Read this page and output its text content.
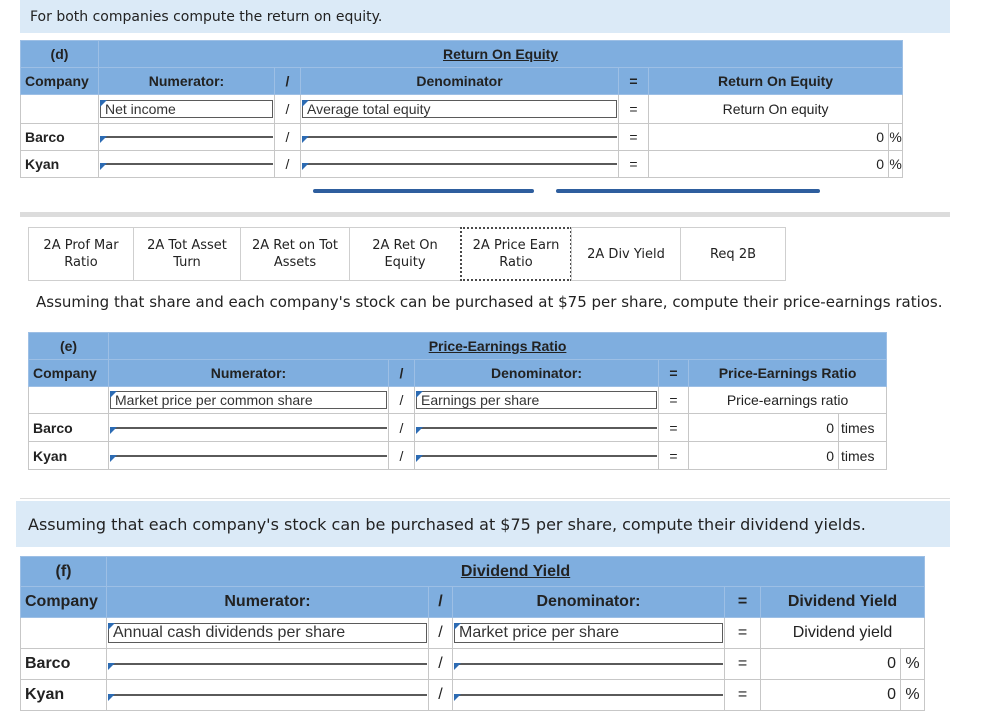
For both companies compute the return on equity.
(d)	Return On Equity					
Company	Numerator:	/	Denominator	=	Return On Equity	

	Net income	/	Average total equity	=	Return On equity	
Barco		/		=	0	%
Kyan		/		=	0	%
2A Prof Mar
Ratio
2A Tot Asset
Turn
2A Ret on Tot
Assets
2A Ret On
Equity
2A Price Earn
Ratio
2A Div Yield	Req 2B
Assuming that share and each company's stock can be purchased at $75 per share, compute their price-earnings ratios.
(e)	Price-Earnings Ratio					
Company	Numerator:	/	Denominator:	=	Price-Earnings Ratio	

	Market price per common share	/	Earnings per share	=	Price-earnings ratio	
Barco		/		=	0	times
Kyan		/		=	0	times
Assuming that each company's stock can be purchased at $75 per share, compute their dividend yields.
(f)	Dividend Yield					
Company	Numerator:	/	Denominator:	=	Dividend Yield	

	Annual cash dividends per share	/	Market price per share	=	Dividend yield	
Barco		/		=	0	%
Kyan		/		=	0	%
